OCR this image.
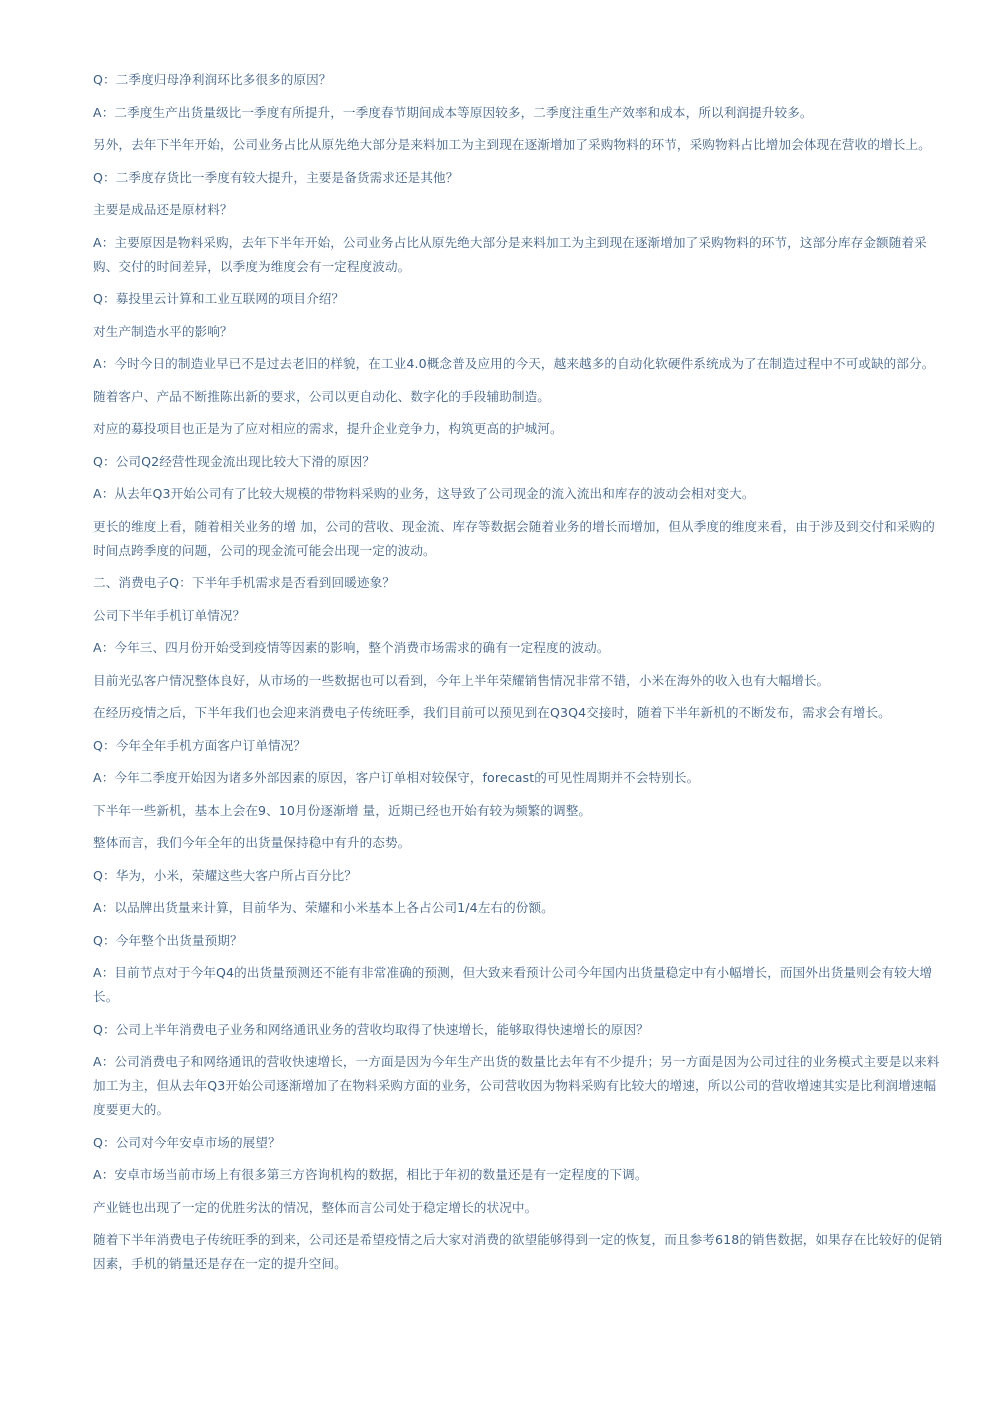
Q：二季度归母净利润环比多很多的原因？

A：二季度生产出货量级比一季度有所提升，一季度春节期间成本等原因较多，二季度注重生产效率和成本，所以利润提升较多。

另外，去年下半年开始，公司业务占比从原先绝大部分是来料加工为主到现在逐渐增加了采购物料的环节，采购物料占比增加会体现在营收的增长上。

Q：二季度存货比一季度有较大提升，主要是备货需求还是其他？

主要是成品还是原材料？

A：主要原因是物料采购，去年下半年开始，公司业务占比从原先绝大部分是来料加工为主到现在逐渐增加了采购物料的环节，这部分库存金额随着采购、交付的时间差异，以季度为维度会有一定程度波动。

Q：募投里云计算和工业互联网的项目介绍？

对生产制造水平的影响？

A：今时今日的制造业早已不是过去老旧的样貌，在工业4.0概念普及应用的今天，越来越多的自动化软硬件系统成为了在制造过程中不可或缺的部分。

随着客户、产品不断推陈出新的要求，公司以更自动化、数字化的手段辅助制造。

对应的募投项目也正是为了应对相应的需求，提升企业竞争力，构筑更高的护城河。

Q：公司Q2经营性现金流出现比较大下滑的原因？

A：从去年Q3开始公司有了比较大规模的带物料采购的业务，这导致了公司现金的流入流出和库存的波动会相对变大。

更长的维度上看，随着相关业务的增 加，公司的营收、现金流、库存等数据会随着业务的增长而增加，但从季度的维度来看，由于涉及到交付和采购的时间点跨季度的问题，公司的现金流可能会出现一定的波动。

二、消费电子Q：下半年手机需求是否看到回暖迹象？

公司下半年手机订单情况？

A：今年三、四月份开始受到疫情等因素的影响，整个消费市场需求的确有一定程度的波动。

目前光弘客户情况整体良好，从市场的一些数据也可以看到，今年上半年荣耀销售情况非常不错，小米在海外的收入也有大幅增长。

在经历疫情之后，下半年我们也会迎来消费电子传统旺季，我们目前可以预见到在Q3Q4交接时，随着下半年新机的不断发布，需求会有增长。

Q：今年全年手机方面客户订单情况？

A：今年二季度开始因为诸多外部因素的原因，客户订单相对较保守，forecast的可见性周期并不会特别长。

下半年一些新机，基本上会在9、10月份逐渐增 量，近期已经也开始有较为频繁的调整。

整体而言，我们今年全年的出货量保持稳中有升的态势。

Q：华为，小米，荣耀这些大客户所占百分比？

A：以品牌出货量来计算，目前华为、荣耀和小米基本上各占公司1/4左右的份额。

Q：今年整个出货量预期？

A：目前节点对于今年Q4的出货量预测还不能有非常准确的预测，但大致来看预计公司今年国内出货量稳定中有小幅增长，而国外出货量则会有较大增长。

Q：公司上半年消费电子业务和网络通讯业务的营收均取得了快速增长，能够取得快速增长的原因？

A：公司消费电子和网络通讯的营收快速增长，一方面是因为今年生产出货的数量比去年有不少提升；另一方面是因为公司过往的业务模式主要是以来料加工为主，但从去年Q3开始公司逐渐增加了在物料采购方面的业务，公司营收因为物料采购有比较大的增速，所以公司的营收增速其实是比利润增速幅度要更大的。

Q：公司对今年安卓市场的展望？

A：安卓市场当前市场上有很多第三方咨询机构的数据，相比于年初的数量还是有一定程度的下调。

产业链也出现了一定的优胜劣汰的情况，整体而言公司处于稳定增长的状况中。

随着下半年消费电子传统旺季的到来，公司还是希望疫情之后大家对消费的欲望能够得到一定的恢复，而且参考618的销售数据，如果存在比较好的促销因素，手机的销量还是存在一定的提升空间。
